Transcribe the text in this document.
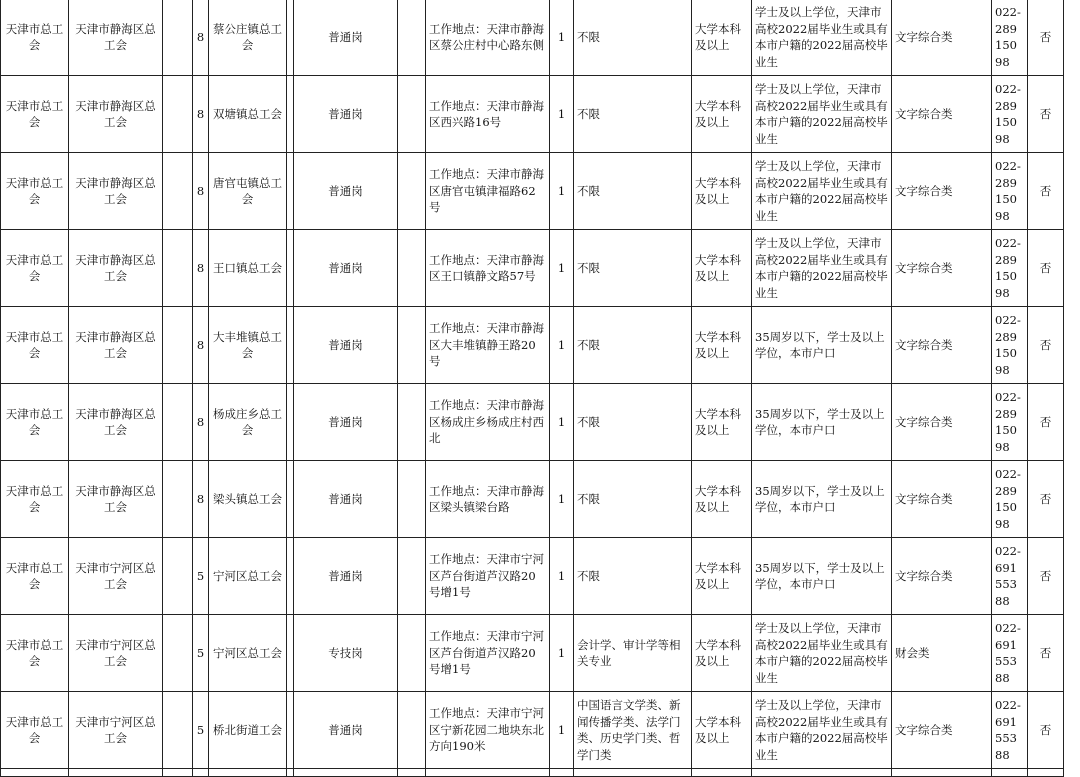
天津市总工会	天津市静海区总工会		8	蔡公庄镇总工会		普通岗		工作地点：天津市静海区蔡公庄村中心路东侧	1	不限	大学本科及以上	学士及以上学位，天津市高校2022届毕业生或具有本市户籍的2022届高校毕业生	文字综合类	022-28915098	否
天津市总工会	天津市静海区总工会		8	双塘镇总工会		普通岗		工作地点：天津市静海区西兴路16号	1	不限	大学本科及以上	学士及以上学位，天津市高校2022届毕业生或具有本市户籍的2022届高校毕业生	文字综合类	022-28915098	否
天津市总工会	天津市静海区总工会		8	唐官屯镇总工会		普通岗		工作地点：天津市静海区唐官屯镇津福路62号	1	不限	大学本科及以上	学士及以上学位，天津市高校2022届毕业生或具有本市户籍的2022届高校毕业生	文字综合类	022-28915098	否
天津市总工会	天津市静海区总工会		8	王口镇总工会		普通岗		工作地点：天津市静海区王口镇静文路57号	1	不限	大学本科及以上	学士及以上学位，天津市高校2022届毕业生或具有本市户籍的2022届高校毕业生	文字综合类	022-28915098	否
天津市总工会	天津市静海区总工会		8	大丰堆镇总工会		普通岗		工作地点：天津市静海区大丰堆镇静王路20号	1	不限	大学本科及以上	35周岁以下，学士及以上学位，本市户口	文字综合类	022-28915098	否
天津市总工会	天津市静海区总工会		8	杨成庄乡总工会		普通岗		工作地点：天津市静海区杨成庄乡杨成庄村西北	1	不限	大学本科及以上	35周岁以下，学士及以上学位，本市户口	文字综合类	022-28915098	否
天津市总工会	天津市静海区总工会		8	梁头镇总工会		普通岗		工作地点：天津市静海区梁头镇梁台路	1	不限	大学本科及以上	35周岁以下，学士及以上学位，本市户口	文字综合类	022-28915098	否
天津市总工会	天津市宁河区总工会		5	宁河区总工会		普通岗		工作地点：天津市宁河区芦台街道芦汉路20号增1号	1	不限	大学本科及以上	35周岁以下，学士及以上学位，本市户口	文字综合类	022-69155388	否
天津市总工会	天津市宁河区总工会		5	宁河区总工会		专技岗		工作地点：天津市宁河区芦台街道芦汉路20号增1号	1	会计学、审计学等相关专业	大学本科及以上	学士及以上学位，天津市高校2022届毕业生或具有本市户籍的2022届高校毕业生	财会类	022-69155388	否
天津市总工会	天津市宁河区总工会		5	桥北街道工会		普通岗		工作地点：天津市宁河区宁新花园二地块东北方向190米	1	中国语言文学类、新闻传播学类、法学门类、历史学门类、哲学门类	大学本科及以上	学士及以上学位，天津市高校2022届毕业生或具有本市户籍的2022届高校毕业生	文字综合类	022-69155388	否
